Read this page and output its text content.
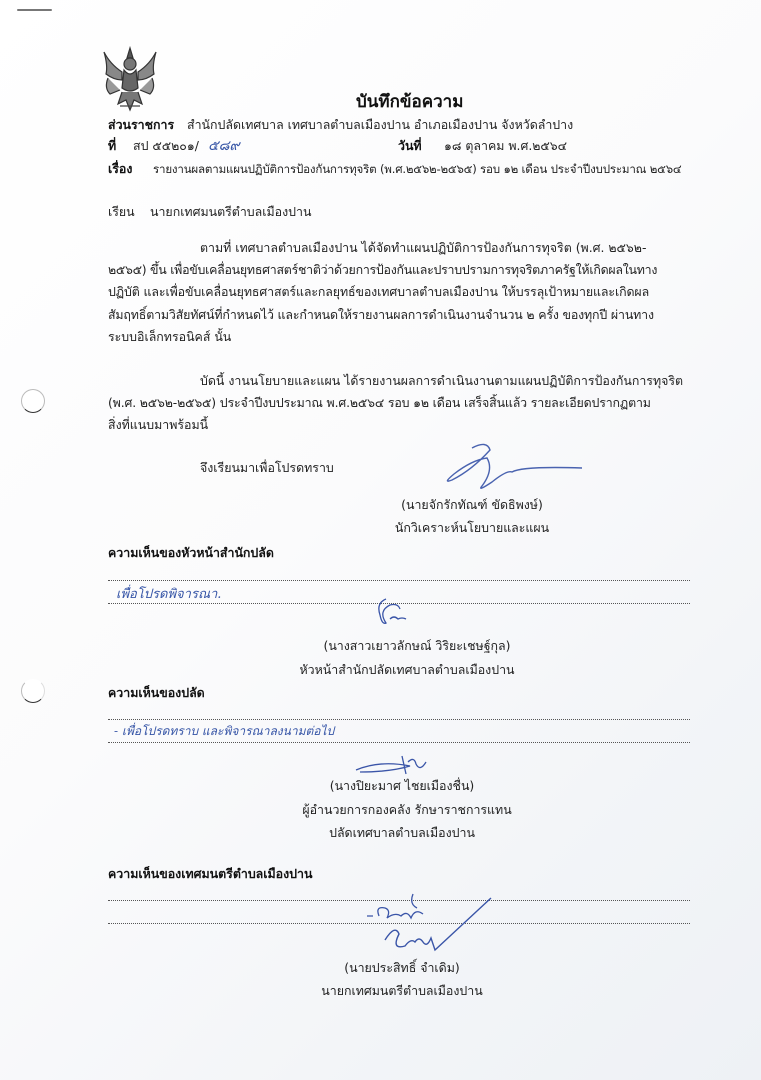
บันทึกข้อความ
ส่วนราชการ สำนักปลัดเทศบาล เทศบาลตำบลเมืองปาน อำเภอเมืองปาน จังหวัดลำปาง
ที่ สป ๕๕๒๐๑/ ๕๘๙	วันที่ ๑๘ ตุลาคม พ.ศ.๒๕๖๔
เรื่อง รายงานผลตามแผนปฏิบัติการป้องกันการทุจริต (พ.ศ.๒๕๖๒-๒๕๖๕) รอบ ๑๒ เดือน ประจำปีงบประมาณ ๒๕๖๔
เรียน นายกเทศมนตรีตำบลเมืองปาน
ตามที่ เทศบาลตำบลเมืองปาน ได้จัดทำแผนปฏิบัติการป้องกันการทุจริต (พ.ศ. ๒๕๖๒-
๒๕๖๕) ขึ้น เพื่อขับเคลื่อนยุทธศาสตร์ชาติว่าด้วยการป้องกันและปราบปรามการทุจริตภาครัฐให้เกิดผลในทาง
ปฏิบัติ และเพื่อขับเคลื่อนยุทธศาสตร์และกลยุทธ์ของเทศบาลตำบลเมืองปาน ให้บรรลุเป้าหมายและเกิดผล
สัมฤทธิ์ตามวิสัยทัศน์ที่กำหนดไว้ และกำหนดให้รายงานผลการดำเนินงานจำนวน ๒ ครั้ง ของทุกปี ผ่านทาง
ระบบอิเล็กทรอนิคส์ นั้น
บัดนี้ งานนโยบายและแผน ได้รายงานผลการดำเนินงานตามแผนปฏิบัติการป้องกันการทุจริต
(พ.ศ. ๒๕๖๒-๒๕๖๕) ประจำปีงบประมาณ พ.ศ.๒๕๖๔ รอบ ๑๒ เดือน เสร็จสิ้นแล้ว รายละเอียดปรากฏตาม
สิ่งที่แนบมาพร้อมนี้
จึงเรียนมาเพื่อโปรดทราบ
(นายจักรักทัณฑ์ ขัดธิพงษ์)
นักวิเคราะห์นโยบายและแผน
ความเห็นของหัวหน้าสำนักปลัด
เพื่อโปรดพิจารณา.
(นางสาวเยาวลักษณ์ วิริยะเชษฐ์กุล)
หัวหน้าสำนักปลัดเทศบาลตำบลเมืองปาน
ความเห็นของปลัด
- เพื่อโปรดทราบ และพิจารณาลงนามต่อไป
(นางปิยะมาศ ไชยเมืองชื่น)
ผู้อำนวยการกองคลัง รักษาราชการแทน
ปลัดเทศบาลตำบลเมืองปาน
ความเห็นของเทศมนตรีตำบลเมืองปาน
(นายประสิทธิ์ จำเดิม)
นายกเทศมนตรีตำบลเมืองปาน
